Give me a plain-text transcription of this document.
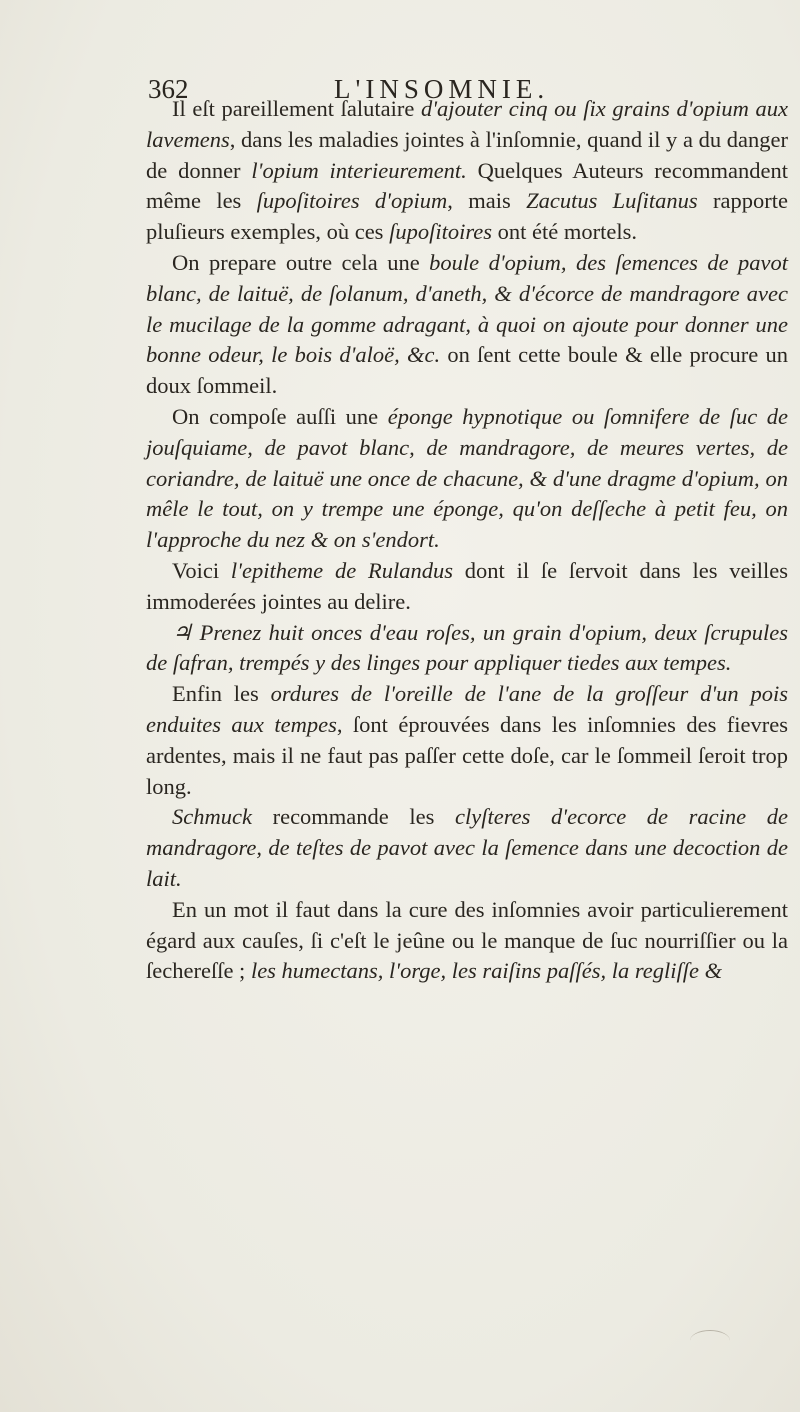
362	L'INSOMNIE.

Il eſt pareillement ſalutaire d'ajouter cinq ou ſix grains d'opium aux lavemens, dans les maladies jointes à l'inſomnie, quand il y a du danger de donner l'opium interieurement. Quelques Auteurs recommandent même les ſupoſitoires d'opium, mais Zacutus Luſitanus rapporte pluſieurs exemples, où ces ſupoſitoires ont été mortels.

On prepare outre cela une boule d'opium, des ſemences de pavot blanc, de laituë, de ſolanum, d'aneth, & d'écorce de mandragore avec le mucilage de la gomme adragant, à quoi on ajoute pour donner une bonne odeur, le bois d'aloë, &c. on ſent cette boule & elle procure un doux ſommeil.

On compoſe auſſi une éponge hypnotique ou ſomnifere de ſuc de jouſquiame, de pavot blanc, de mandragore, de meures vertes, de coriandre, de laituë une once de chacune, & d'une dragme d'opium, on mêle le tout, on y trempe une éponge, qu'on deſſeche à petit feu, on l'approche du nez & on s'endort.

Voici l'epitheme de Rulandus dont il ſe ſervoit dans les veilles immoderées jointes au delire.

♃ Prenez huit onces d'eau roſes, un grain d'opium, deux ſcrupules de ſafran, trempés y des linges pour appliquer tiedes aux tempes.

Enfin les ordures de l'oreille de l'ane de la groſſeur d'un pois enduites aux tempes, ſont éprouvées dans les inſomnies des fievres ardentes, mais il ne faut pas paſſer cette doſe, car le ſommeil ſeroit trop long.

Schmuck recommande les clyſteres d'ecorce de racine de mandragore, de teſtes de pavot avec la ſemence dans une decoction de lait.

En un mot il faut dans la cure des inſomnies avoir particulierement égard aux cauſes, ſi c'eſt le jeûne ou le manque de ſuc nourriſſier ou la ſechereſſe ; les humectans, l'orge, les raiſins paſſés, la regliſſe &
